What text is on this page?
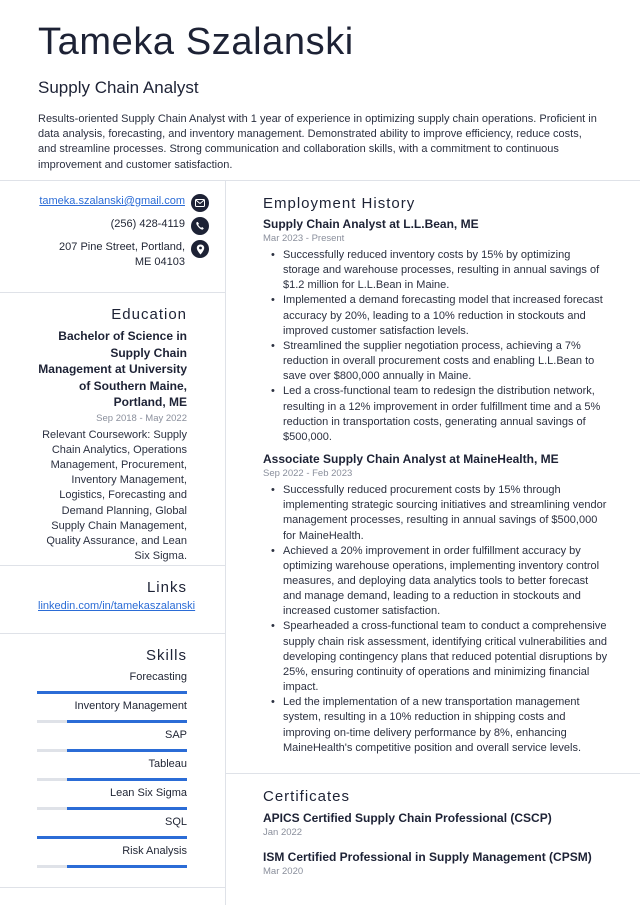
Tameka Szalanski
Supply Chain Analyst
Results-oriented Supply Chain Analyst with 1 year of experience in optimizing supply chain operations. Proficient in data analysis, forecasting, and inventory management. Demonstrated ability to improve efficiency, reduce costs, and streamline processes. Strong communication and collaboration skills, with a commitment to continuous improvement and customer satisfaction.
tameka.szalanski@gmail.com
(256) 428-4119
207 Pine Street, Portland, ME 04103
Education
Bachelor of Science in Supply Chain Management at University of Southern Maine, Portland, ME
Sep 2018 - May 2022
Relevant Coursework: Supply Chain Analytics, Operations Management, Procurement, Inventory Management, Logistics, Forecasting and Demand Planning, Global Supply Chain Management, Quality Assurance, and Lean Six Sigma.
Links
linkedin.com/in/tamekaszalanski
Skills
Forecasting
Inventory Management
SAP
Tableau
Lean Six Sigma
SQL
Risk Analysis
Employment History
Supply Chain Analyst at L.L.Bean, ME
Mar 2023 - Present
• Successfully reduced inventory costs by 15% by optimizing storage and warehouse processes, resulting in annual savings of $1.2 million for L.L.Bean in Maine.
• Implemented a demand forecasting model that increased forecast accuracy by 20%, leading to a 10% reduction in stockouts and improved customer satisfaction levels.
• Streamlined the supplier negotiation process, achieving a 7% reduction in overall procurement costs and enabling L.L.Bean to save over $800,000 annually in Maine.
• Led a cross-functional team to redesign the distribution network, resulting in a 12% improvement in order fulfillment time and a 5% reduction in transportation costs, generating annual savings of $500,000.
Associate Supply Chain Analyst at MaineHealth, ME
Sep 2022 - Feb 2023
• Successfully reduced procurement costs by 15% through implementing strategic sourcing initiatives and streamlining vendor management processes, resulting in annual savings of $500,000 for MaineHealth.
• Achieved a 20% improvement in order fulfillment accuracy by optimizing warehouse operations, implementing inventory control measures, and deploying data analytics tools to better forecast and manage demand, leading to a reduction in stockouts and increased customer satisfaction.
• Spearheaded a cross-functional team to conduct a comprehensive supply chain risk assessment, identifying critical vulnerabilities and developing contingency plans that reduced potential disruptions by 25%, ensuring continuity of operations and minimizing financial impact.
• Led the implementation of a new transportation management system, resulting in a 10% reduction in shipping costs and improving on-time delivery performance by 8%, enhancing MaineHealth's competitive position and overall service levels.
Certificates
APICS Certified Supply Chain Professional (CSCP)
Jan 2022
ISM Certified Professional in Supply Management (CPSM)
Mar 2020
